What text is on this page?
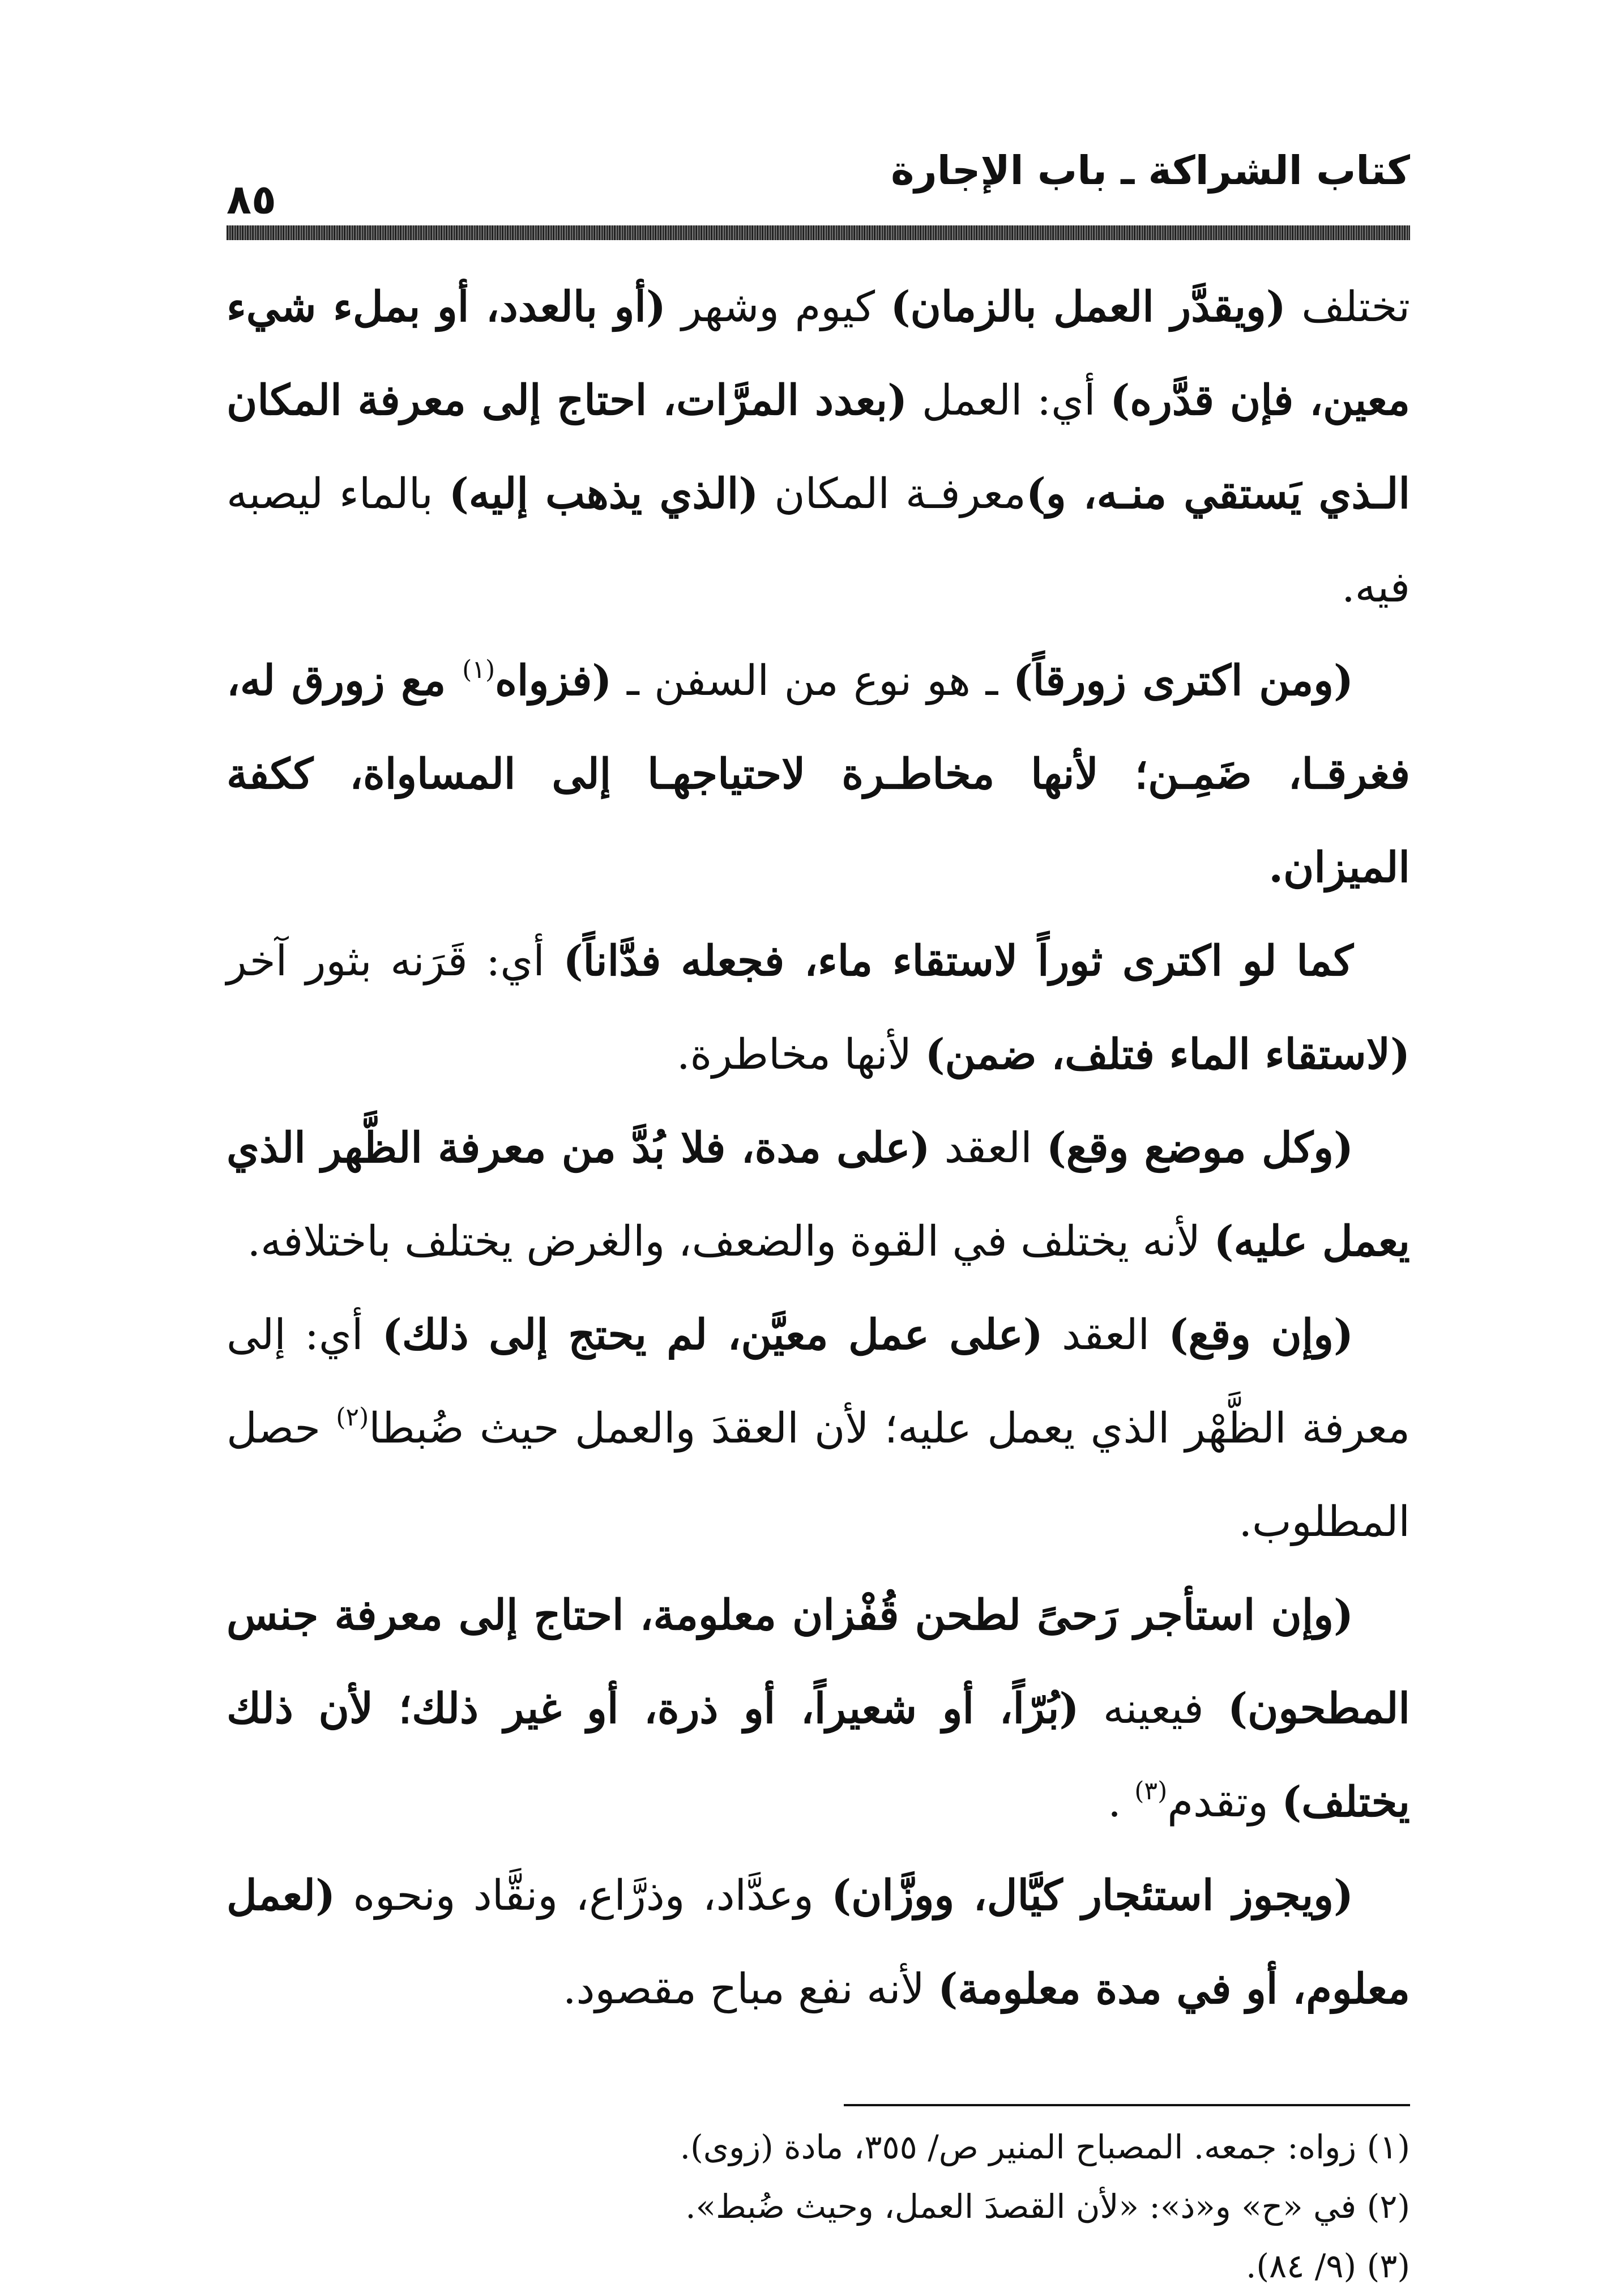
كتاب الشراكة ـ باب الإجارة
٨٥

تختلف (ويقدَّر العمل بالزمان) كيوم وشهر (أو بالعدد، أو بملء شيء معين، فإن قدَّره) أي: العمل (بعدد المرَّات، احتاج إلى معرفة المكان الـذي يَستقي منـه، و)معرفـة المكان (الذي يذهب إليه) بالماء ليصبه فيه.

(ومن اكترى زورقاً) ـ هو نوع من السفن ـ (فزواه$^{(١)}$ مع زورق له، فغرقـا، ضَمِـن؛ لأنها مخاطـرة لاحتياجهـا إلى المساواة، ككفة الميزان.

كما لو اكترى ثوراً لاستقاء ماء، فجعله فدَّاناً) أي: قَرَنه بثور آخر (لاستقاء الماء فتلف، ضمن) لأنها مخاطرة.

(وكل موضع وقع) العقد (على مدة، فلا بُدَّ من معرفة الظَّهر الذي يعمل عليه) لأنه يختلف في القوة والضعف، والغرض يختلف باختلافه.

(وإن وقع) العقد (على عمل معيَّن، لم يحتج إلى ذلك) أي: إلى معرفة الظَّهْر الذي يعمل عليه؛ لأن العقدَ والعمل حيث ضُبطا$^{(٢)}$ حصل المطلوب.

(وإن استأجر رَحىً لطحن قُفْزان معلومة، احتاج إلى معرفة جنس المطحون) فيعينه (بُرّاً، أو شعيراً، أو ذرة، أو غير ذلك؛ لأن ذلك يختلف) وتقدم$^{(٣)}$ .

(ويجوز استئجار كيَّال، ووزَّان) وعدَّاد، وذرَّاع، ونقَّاد ونحوه (لعمل معلوم، أو في مدة معلومة) لأنه نفع مباح مقصود.

(١) زواه: جمعه. المصباح المنير ص/ ٣٥٥، مادة (زوى).
(٢) في «ح» و«ذ»: «لأن القصدَ العمل، وحيث ضُبط».
(٣) (٩/ ٨٤).
